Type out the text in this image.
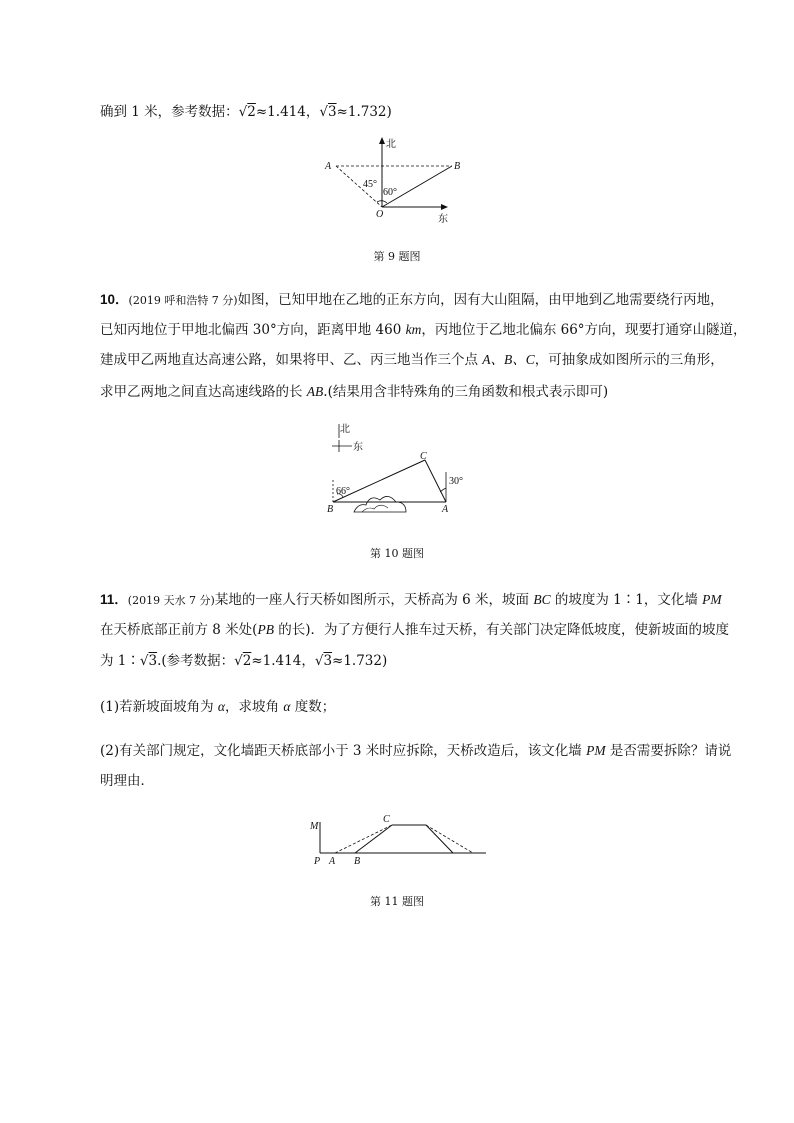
确到 1 米，参考数据：√2≈1.414，√3≈1.732)
北
东
A	B
O
45°
60°
第 9 题图
10．(2019 呼和浩特 7 分)如图，已知甲地在乙地的正东方向，因有大山阻隔，由甲地到乙地需要绕行丙地，
已知丙地位于甲地北偏西 30°方向，距离甲地 460 km，丙地位于乙地北偏东 66°方向，现要打通穿山隧道，
建成甲乙两地直达高速公路，如果将甲、乙、丙三地当作三个点 A、B、C，可抽象成如图所示的三角形，
求甲乙两地之间直达高速线路的长 AB.(结果用含非特殊角的三角函数和根式表示即可)
北
东
66°
30°
B	A
C
第 10 题图
11．(2019 天水 7 分)某地的一座人行天桥如图所示，天桥高为 6 米，坡面 BC 的坡度为 1∶1，文化墙 PM
在天桥底部正前方 8 米处(PB 的长)．为了方便行人推车过天桥，有关部门决定降低坡度，使新坡面的坡度
为 1∶√3.(参考数据：√2≈1.414，√3≈1.732)
(1)若新坡面坡角为 α，求坡角 α 度数；
(2)有关部门规定，文化墙距天桥底部小于 3 米时应拆除，天桥改造后，该文化墙 PM 是否需要拆除？请说
明理由．
M
C
P A B
第 11 题图
